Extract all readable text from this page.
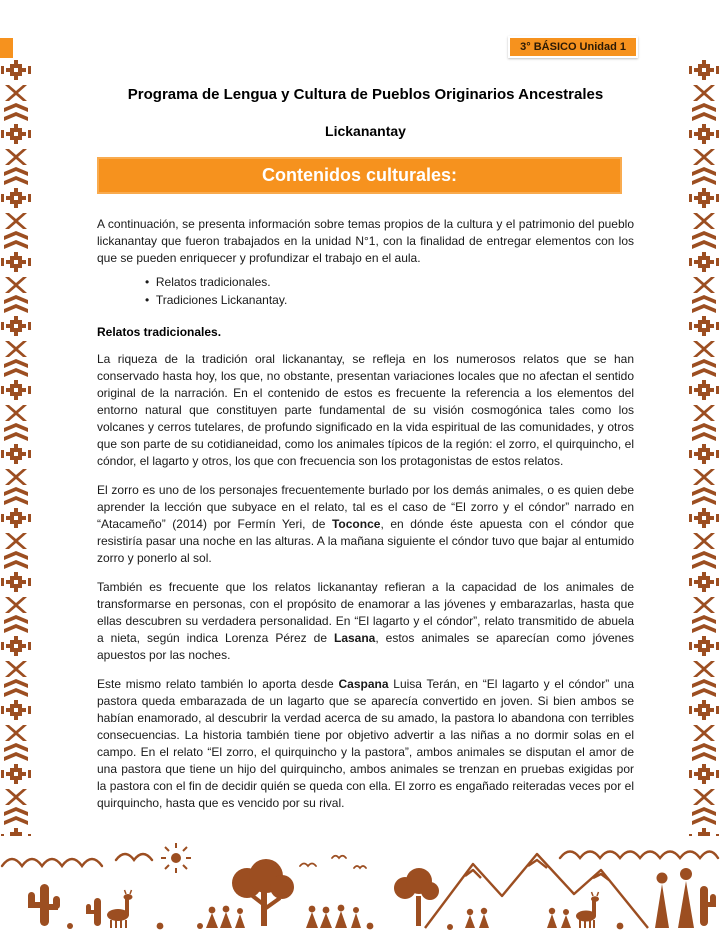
3° BÁSICO Unidad 1
Programa de Lengua y Cultura de Pueblos Originarios Ancestrales
Lickanantay
Contenidos culturales:

A continuación, se presenta información sobre temas propios de la cultura y el patrimonio del pueblo lickanantay que fueron trabajados en la unidad N°1, con la finalidad de entregar elementos con los que se pueden enriquecer y profundizar el trabajo en el aula.

•  Relatos tradicionales.
•  Tradiciones Lickanantay.
Relatos tradicionales.

La riqueza de la tradición oral lickanantay, se refleja en los numerosos relatos que se han conservado hasta hoy, los que, no obstante, presentan variaciones locales que no afectan el sentido original de la narración. En el contenido de estos es frecuente la referencia a los elementos del entorno natural que constituyen parte fundamental de su visión cosmogónica tales como los volcanes y cerros tutelares, de profundo significado en la vida espiritual de las comunidades, y otros que son parte de su cotidianeidad, como los animales típicos de la región: el zorro, el quirquincho, el cóndor, el lagarto y otros, los que con frecuencia son los protagonistas de estos relatos.

El zorro es uno de los personajes frecuentemente burlado por los demás animales, o es quien debe aprender la lección que subyace en el relato, tal es el caso de “El zorro y el cóndor” narrado en “Atacameño” (2014) por Fermín Yeri, de Toconce, en dónde éste apuesta con el cóndor que resistiría pasar una noche en las alturas. A la mañana siguiente el cóndor tuvo que bajar al entumido zorro y ponerlo al sol.

También es frecuente que los relatos lickanantay refieran a la capacidad de los animales de transformarse en personas, con el propósito de enamorar a las jóvenes y embarazarlas, hasta que ellas descubren su verdadera personalidad. En “El lagarto y el cóndor”, relato transmitido de abuela a nieta, según indica Lorenza Pérez de Lasana, estos animales se aparecían como jóvenes apuestos por las noches.

Este mismo relato también lo aporta desde Caspana Luisa Terán, en “El lagarto y el cóndor” una pastora queda embarazada de un lagarto que se aparecía convertido en joven. Si bien ambos se habían enamorado, al descubrir la verdad acerca de su amado, la pastora lo abandona con terribles consecuencias. La historia también tiene por objetivo advertir a las niñas a no dormir solas en el campo. En el relato “El zorro, el quirquincho y la pastora”, ambos animales se disputan el amor de una pastora que tiene un hijo del quirquincho, ambos animales se trenzan en pruebas exigidas por la pastora con el fin de decidir quién se queda con ella. El zorro es engañado reiteradas veces por el quirquincho, hasta que es vencido por su rival.
